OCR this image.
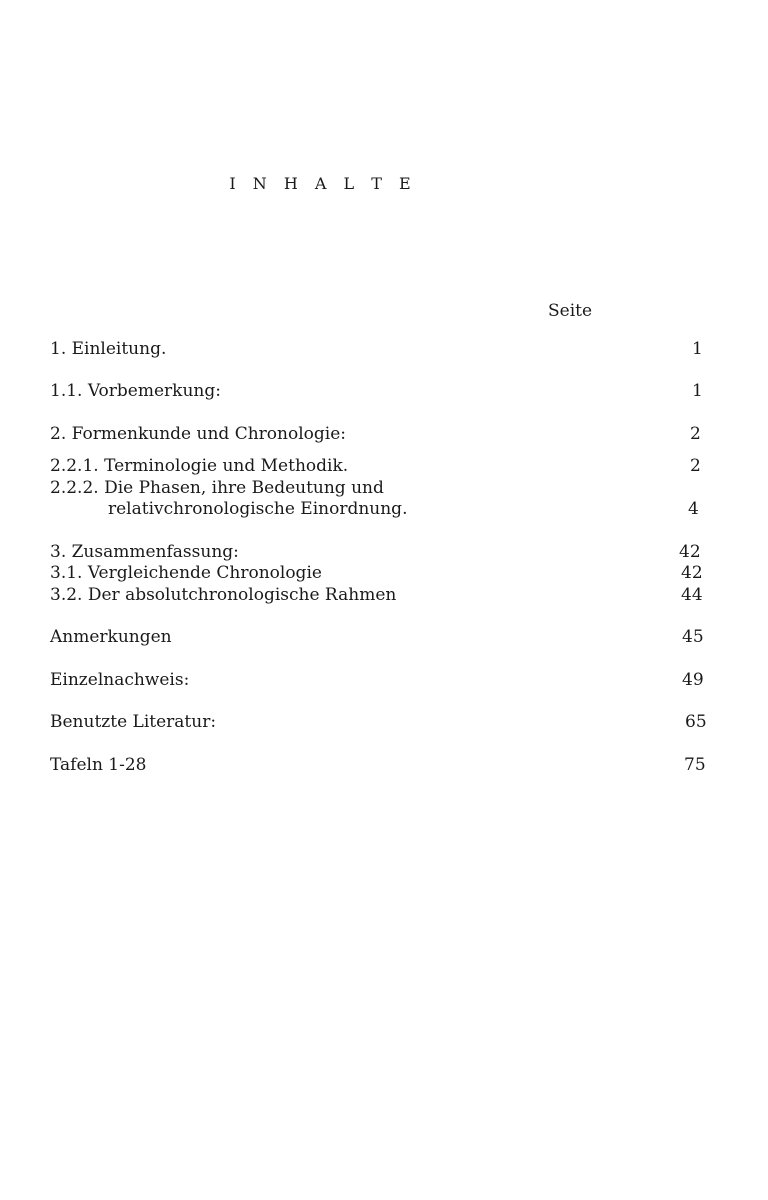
I N H A L T E
Seite
1. Einleitung.	1
1.1. Vorbemerkung:	1
2. Formenkunde und Chronologie:	2
2.2.1. Terminologie und Methodik.	2
2.2.2. Die Phasen, ihre Bedeutung und
relativchronologische Einordnung.	4
3. Zusammenfassung:	42
3.1. Vergleichende Chronologie	42
3.2. Der absolutchronologische Rahmen	44
Anmerkungen	45
Einzelnachweis:	49
Benutzte Literatur:	65
Tafeln 1-28	75
